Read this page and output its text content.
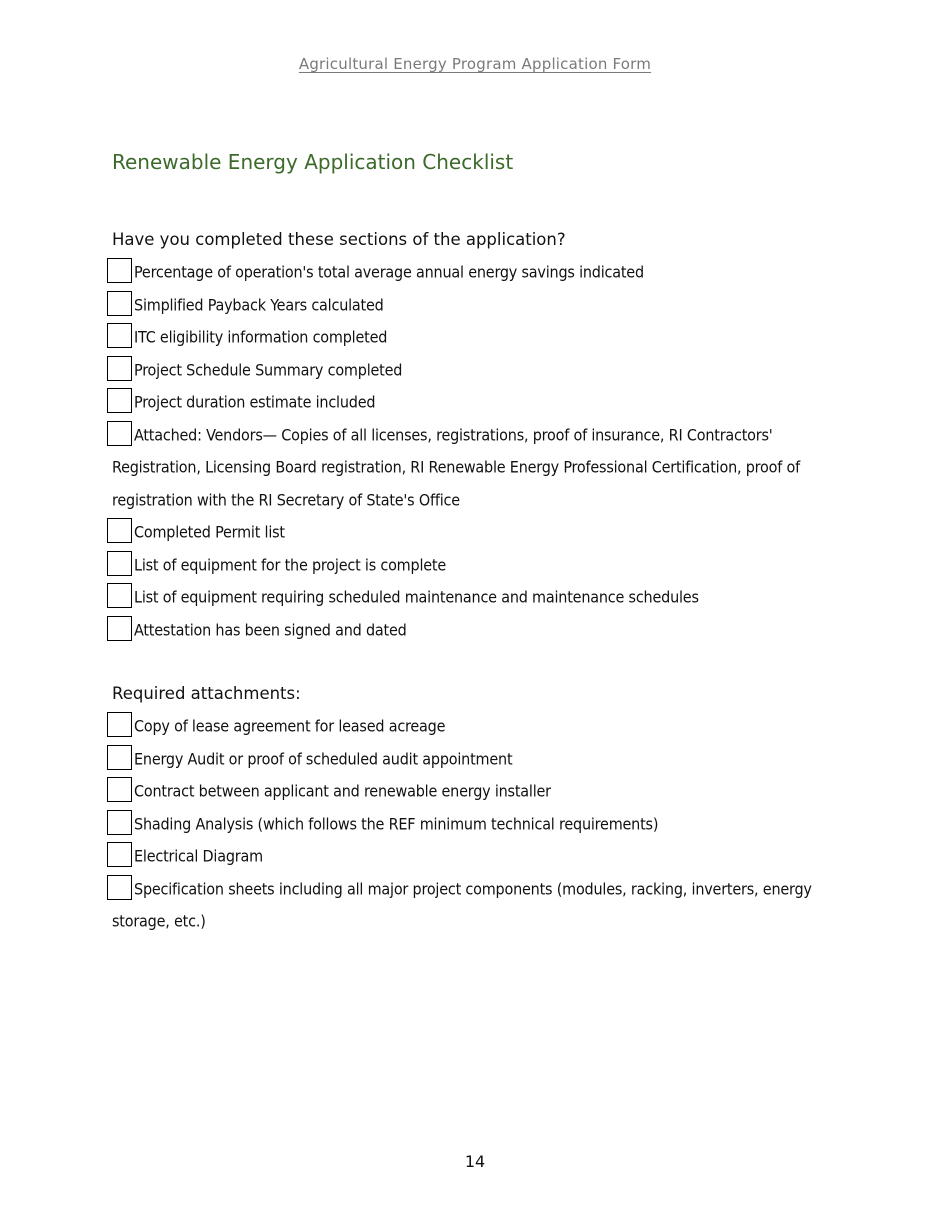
Agricultural Energy Program Application Form
Renewable Energy Application Checklist
Have you completed these sections of the application?
Percentage of operation's total average annual energy savings indicated
Simplified Payback Years calculated
ITC eligibility information completed
Project Schedule Summary completed
Project duration estimate included
Attached: Vendors— Copies of all licenses, registrations, proof of insurance, RI Contractors' Registration, Licensing Board registration, RI Renewable Energy Professional Certification, proof of registration with the RI Secretary of State's Office
Completed Permit list
List of equipment for the project is complete
List of equipment requiring scheduled maintenance and maintenance schedules
Attestation has been signed and dated
Required attachments:
Copy of lease agreement for leased acreage
Energy Audit or proof of scheduled audit appointment
Contract between applicant and renewable energy installer
Shading Analysis (which follows the REF minimum technical requirements)
Electrical Diagram
Specification sheets including all major project components (modules, racking, inverters, energy storage, etc.)
14
